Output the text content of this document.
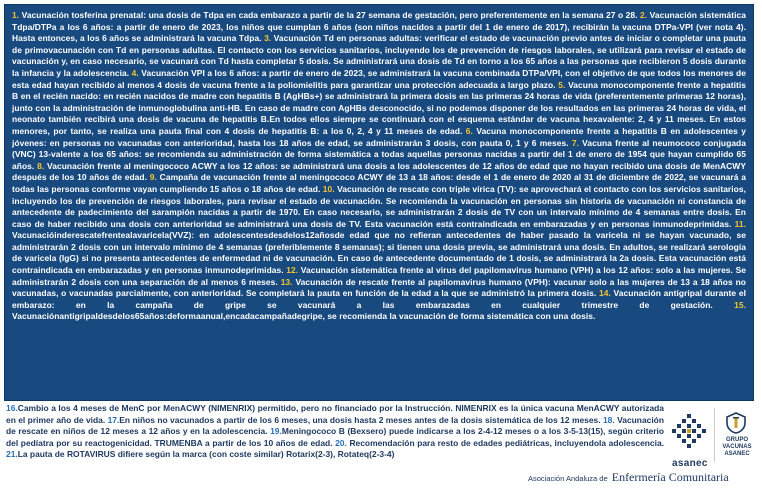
1. Vacunación tosferina prenatal: una dosis de Tdpa en cada embarazo a partir de la 27 semana de gestación, pero preferentemente en la semana 27 o 28. 2. Vacunación sistemática Tdpa/DTPa a los 6 años: a partir de enero de 2023, los niños que cumplan 6 años (son niños nacidos a partir del 1 de enero de 2017), recibirán la vacuna DTPa-VPI (ver nota 4). Hasta entonces, a los 6 años se administrará la vacuna Tdpa. 3. Vacunación Td en personas adultas: verificar el estado de vacunación previo antes de iniciar o completar una pauta de primovacunación con Td en personas adultas. El contacto con los servicios sanitarios, incluyendo los de prevención de riesgos laborales, se utilizará para revisar el estado de vacunación y, en caso necesario, se vacunará con Td hasta completar 5 dosis. Se administrará una dosis de Td en torno a los 65 años a las personas que recibieron 5 dosis durante la infancia y la adolescencia. 4. Vacunación VPI a los 6 años: a partir de enero de 2023, se administrará la vacuna combinada DTPa/VPI, con el objetivo de que todos los menores de esta edad hayan recibido al menos 4 dosis de vacuna frente a la poliomielitis para garantizar una protección adecuada a largo plazo. 5. Vacuna monocomponente frente a hepatitis B en el recién nacido: en recién nacidos de madre con hepatitis B (AgHBs+) se administrará la primera dosis en las primeras 24 horas de vida (preferentemente primeras 12 horas), junto con la administración de inmunoglobulina anti-HB. En caso de madre con AgHBs desconocido, si no podemos disponer de los resultados en las primeras 24 horas de vida, el neonato también recibirá una dosis de vacuna de hepatitis B.En todos ellos siempre se continuará con el esquema estándar de vacuna hexavalente: 2, 4 y 11 meses. En estos menores, por tanto, se realiza una pauta final con 4 dosis de hepatitis B: a los 0, 2, 4 y 11 meses de edad. 6. Vacuna monocomponente frente a hepatitis B en adolescentes y jóvenes: en personas no vacunadas con anterioridad, hasta los 18 años de edad, se administrarán 3 dosis, con pauta 0, 1 y 6 meses. 7. Vacuna frente al neumococo conjugada (VNC) 13-valente a los 65 años: se recomienda su administración de forma sistemática a todas aquellas personas nacidas a partir del 1 de enero de 1954 que hayan cumplido 65 años. 8. Vacunación frente al meningococo ACWY a los 12 años: se administrará una dosis a los adolescentes de 12 años de edad que no hayan recibido una dosis de MenACWY después de los 10 años de edad. 9. Campaña de vacunación frente al meningococo ACWY de 13 a 18 años: desde el 1 de enero de 2020 al 31 de diciembre de 2022, se vacunará a todas las personas conforme vayan cumpliendo 15 años o 18 años de edad. 10. Vacunación de rescate con triple vírica (TV): se aprovechará el contacto con los servicios sanitarios, incluyendo los de prevención de riesgos laborales, para revisar el estado de vacunación. Se recomienda la vacunación en personas sin historia de vacunación ni constancia de antecedente de padecimiento del sarampión nacidas a partir de 1970. En caso necesario, se administrarán 2 dosis de TV con un intervalo mínimo de 4 semanas entre dosis. En caso de haber recibido una dosis con anterioridad se administrará una dosis de TV. Esta vacunación está contraindicada en embarazadas y en personas inmunodeprimidas. 11. Vacunacióinderescatefrentealavaricela(VVZ): en adolescentesdesdelos12añosde edad que no refieran antecedentes de haber pasado la varicela ni se hayan vacunado, se administrarán 2 dosis con un intervalo mínimo de 4 semanas (preferiblemente 8 semanas); si tienen una dosis previa, se administrará una dosis. En adultos, se realizará serología de varicela (IgG) si no presenta antecedentes de enfermedad ni de vacunación. En caso de antecedente documentado de 1 dosis, se administrará la 2a dosis. Esta vacunación está contraindicada en embarazadas y en personas inmunodeprimidas. 12. Vacunación sistemática frente al virus del papilomavirus humano (VPH) a los 12 años: solo a las mujeres. Se administrarán 2 dosis con una separación de al menos 6 meses. 13. Vacunación de rescate frente al papilomavirus humano (VPH): vacunar solo a las mujeres de 13 a 18 años no vacunadas, o vacunadas parcialmente, con anterioridad. Se completará la pauta en función de la edad a la que se administró la primera dosis. 14. Vacunación antigripal durante el embarazo: en la campaña de gripe se vacunará a las embarazadas en cualquier trimestre de gestación. 15. Vacunaciónantigripaldesdelos65años:deformaanual,encadacampañadegripe, se recomienda la vacunación de forma sistemática con una dosis.

16.Cambio a los 4 meses de MenC por MenACWY (NIMENRIX) permitido, pero no financiado por la Instrucción. NIMENRIX es la única vacuna MenACWY autorizada en el primer año de vida. 17.En niños no vacunados a partir de los 6 meses, una dosis hasta 2 meses antes de la dosis sistemática de los 12 meses. 18. Vacunación de rescate en niños de 12 meses a 12 años y en la adolescencia. 19.Meningococo B (Bexsero) puede indicarse a los 2-4-12 meses o a los 3-5-13(15), según criterio del pedíatra por su reactogenicidad. TRUMENBA a partir de los 10 años de edad. 20. Recomendación para resto de edades pediátricas, incluyendola adolescencia. 21.La pauta de ROTAVIRUS difiere según la marca (con coste similar) Rotarix(2-3), Rotateq(2-3-4)

asanec
GRUPO
VACUNAS
ASANEC
Asociación Andaluza de Enfermería Comunitaria
